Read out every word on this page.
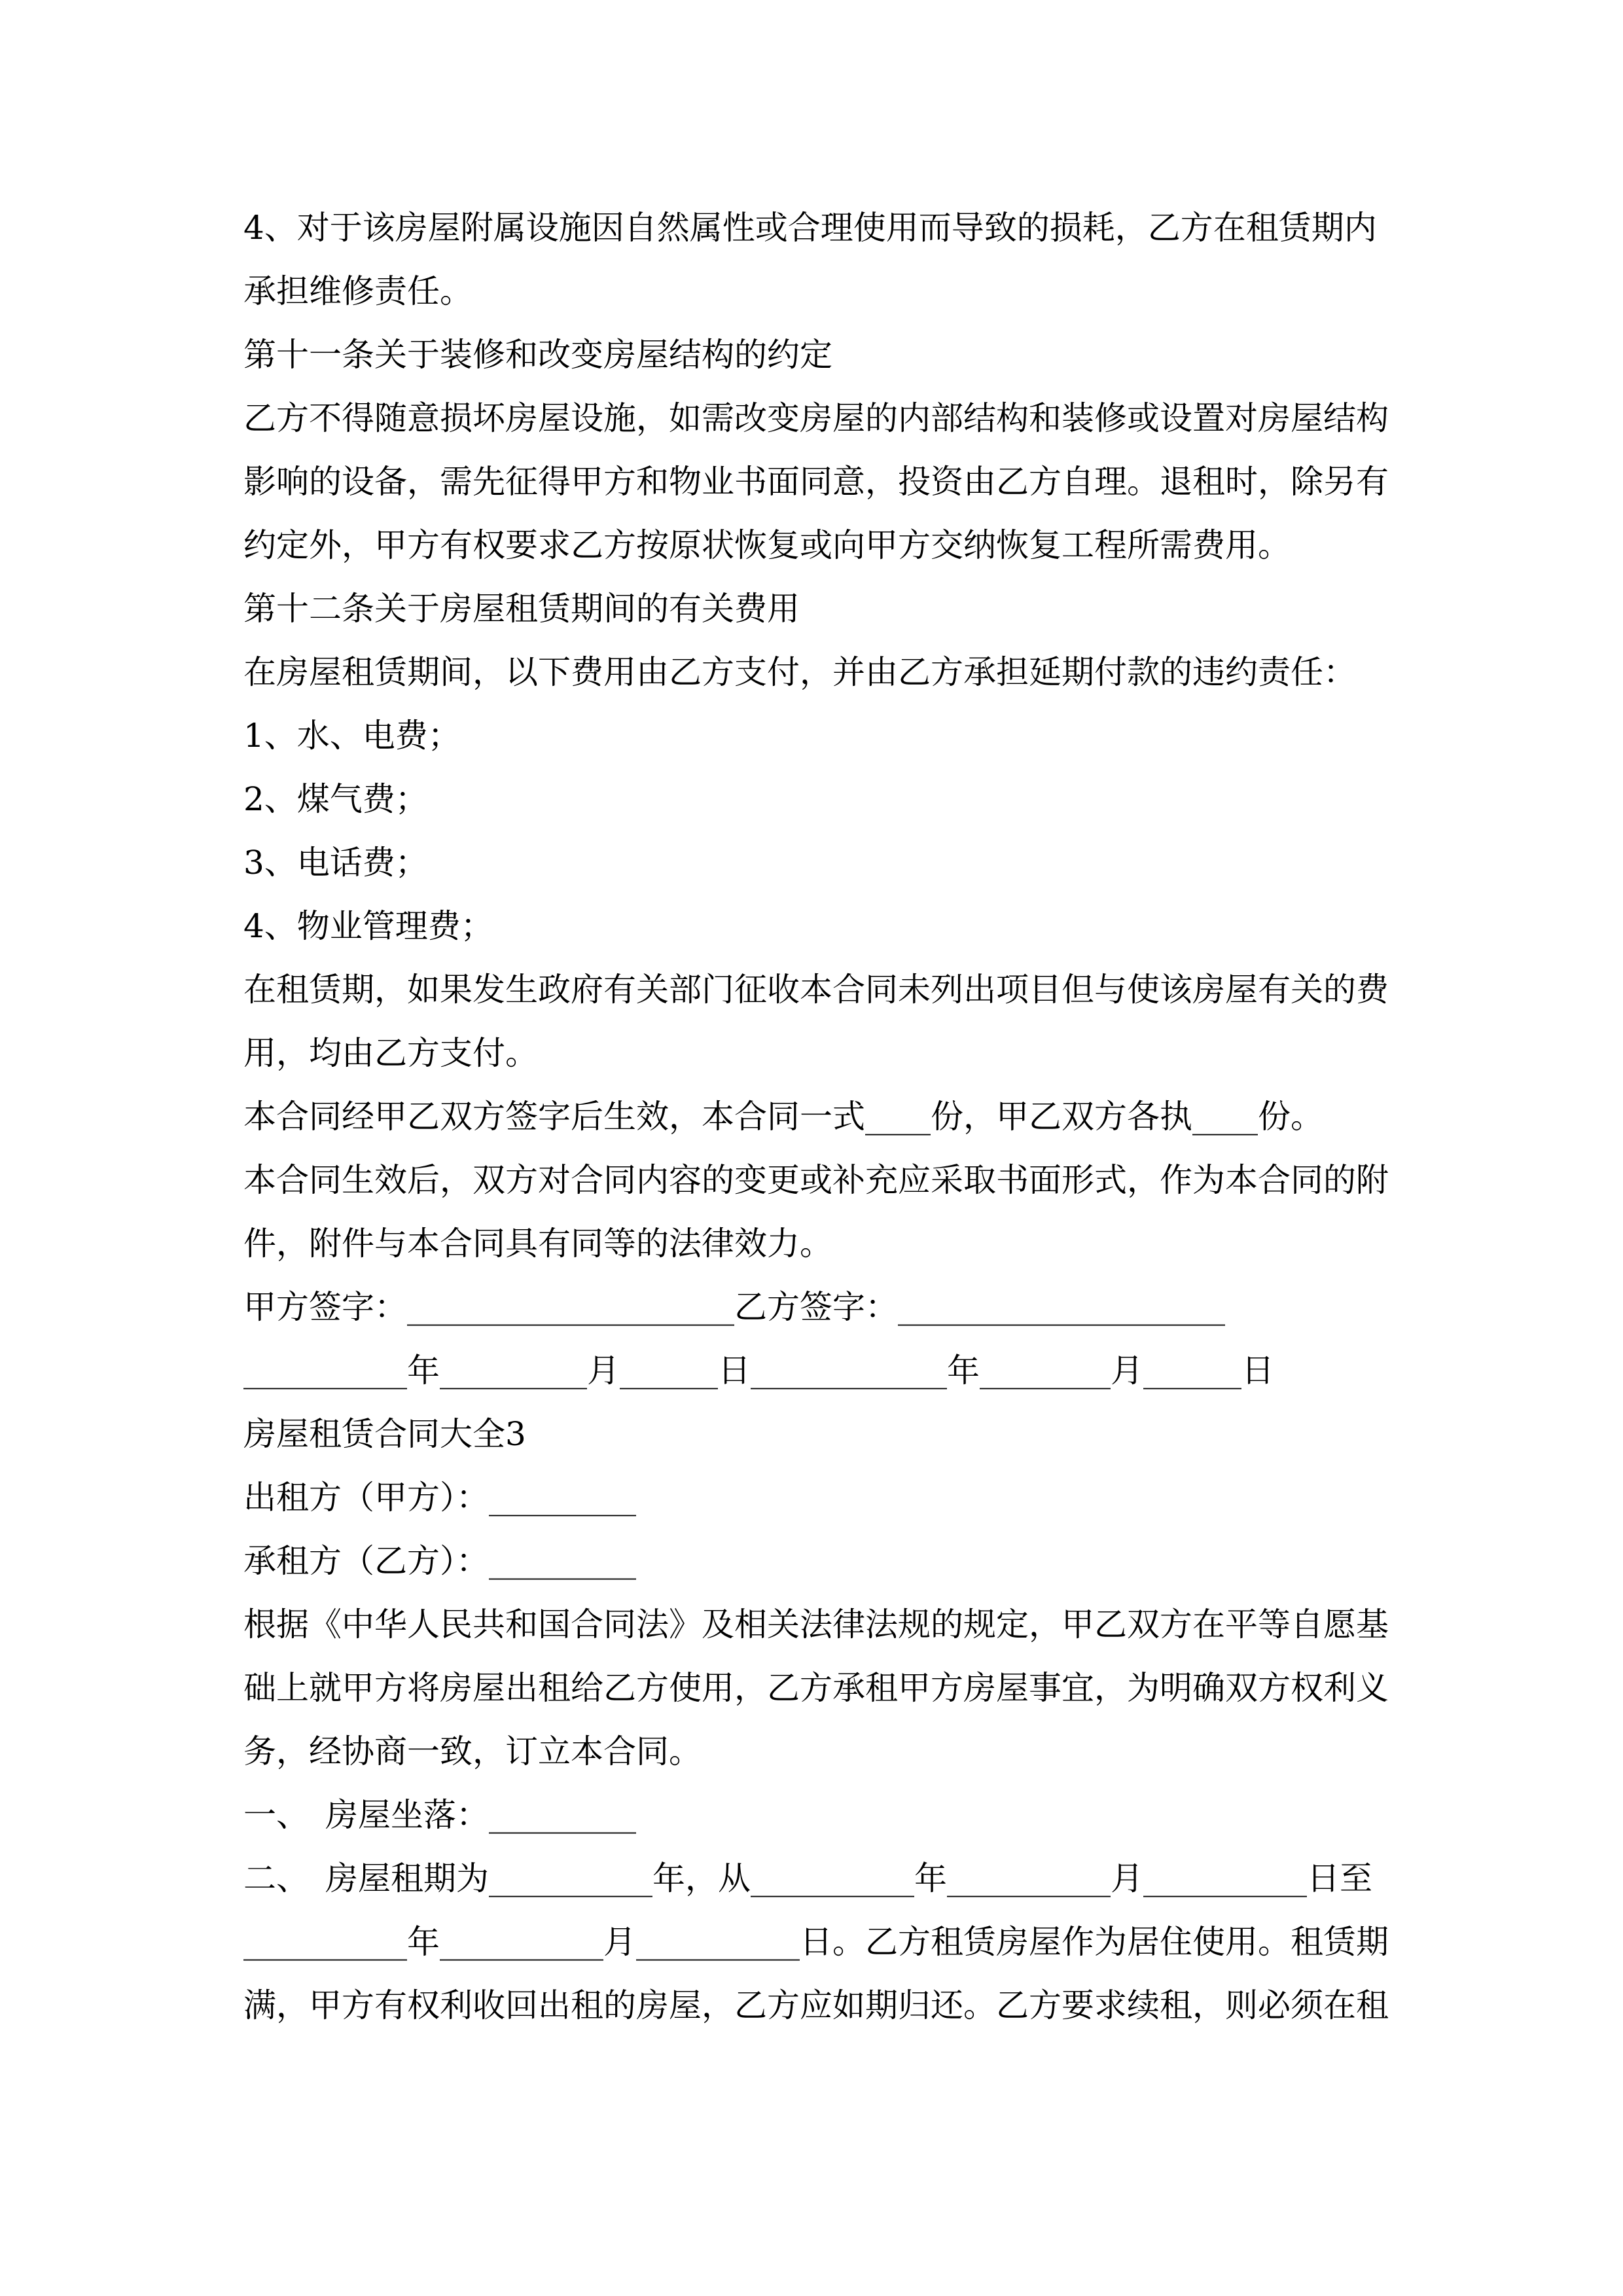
4、对于该房屋附属设施因自然属性或合理使用而导致的损耗，乙方在租赁期内
承担维修责任。
第十一条关于装修和改变房屋结构的约定
乙方不得随意损坏房屋设施，如需改变房屋的内部结构和装修或设置对房屋结构
影响的设备，需先征得甲方和物业书面同意，投资由乙方自理。退租时，除另有
约定外，甲方有权要求乙方按原状恢复或向甲方交纳恢复工程所需费用。
第十二条关于房屋租赁期间的有关费用
在房屋租赁期间，以下费用由乙方支付，并由乙方承担延期付款的违约责任：
1、水、电费；
2、煤气费；
3、电话费；
4、物业管理费；
在租赁期，如果发生政府有关部门征收本合同未列出项目但与使该房屋有关的费
用，均由乙方支付。
本合同经甲乙双方签字后生效，本合同一式____份，甲乙双方各执____份。
本合同生效后，双方对合同内容的变更或补充应采取书面形式，作为本合同的附
件，附件与本合同具有同等的法律效力。
甲方签字：____________________乙方签字：____________________
__________年_________月______日____________年________月______日
房屋租赁合同大全3
出租方（甲方）：_________
承租方（乙方）：_________
根据《中华人民共和国合同法》及相关法律法规的规定，甲乙双方在平等自愿基
础上就甲方将房屋出租给乙方使用，乙方承租甲方房屋事宜，为明确双方权利义
务，经协商一致，订立本合同。
一、　房屋坐落：_________
二、　房屋租期为__________年，从__________年__________月__________日至
__________年__________月__________日。乙方租赁房屋作为居住使用。租赁期
满，甲方有权利收回出租的房屋，乙方应如期归还。乙方要求续租，则必须在租
